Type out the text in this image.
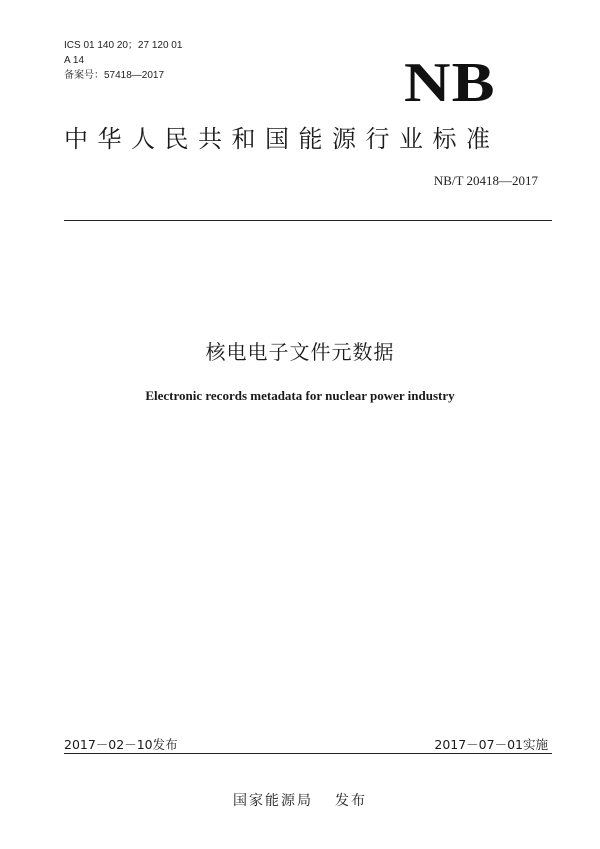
ICS 01 140 20；27 120 01
A 14
备案号：57418—2017	NB
中华人民共和国能源行业标准
NB/T 20418—2017
核电电子文件元数据
Electronic records metadata for nuclear power industry
2017－02－10发布	2017－07－01实施
国家能源局 发布
